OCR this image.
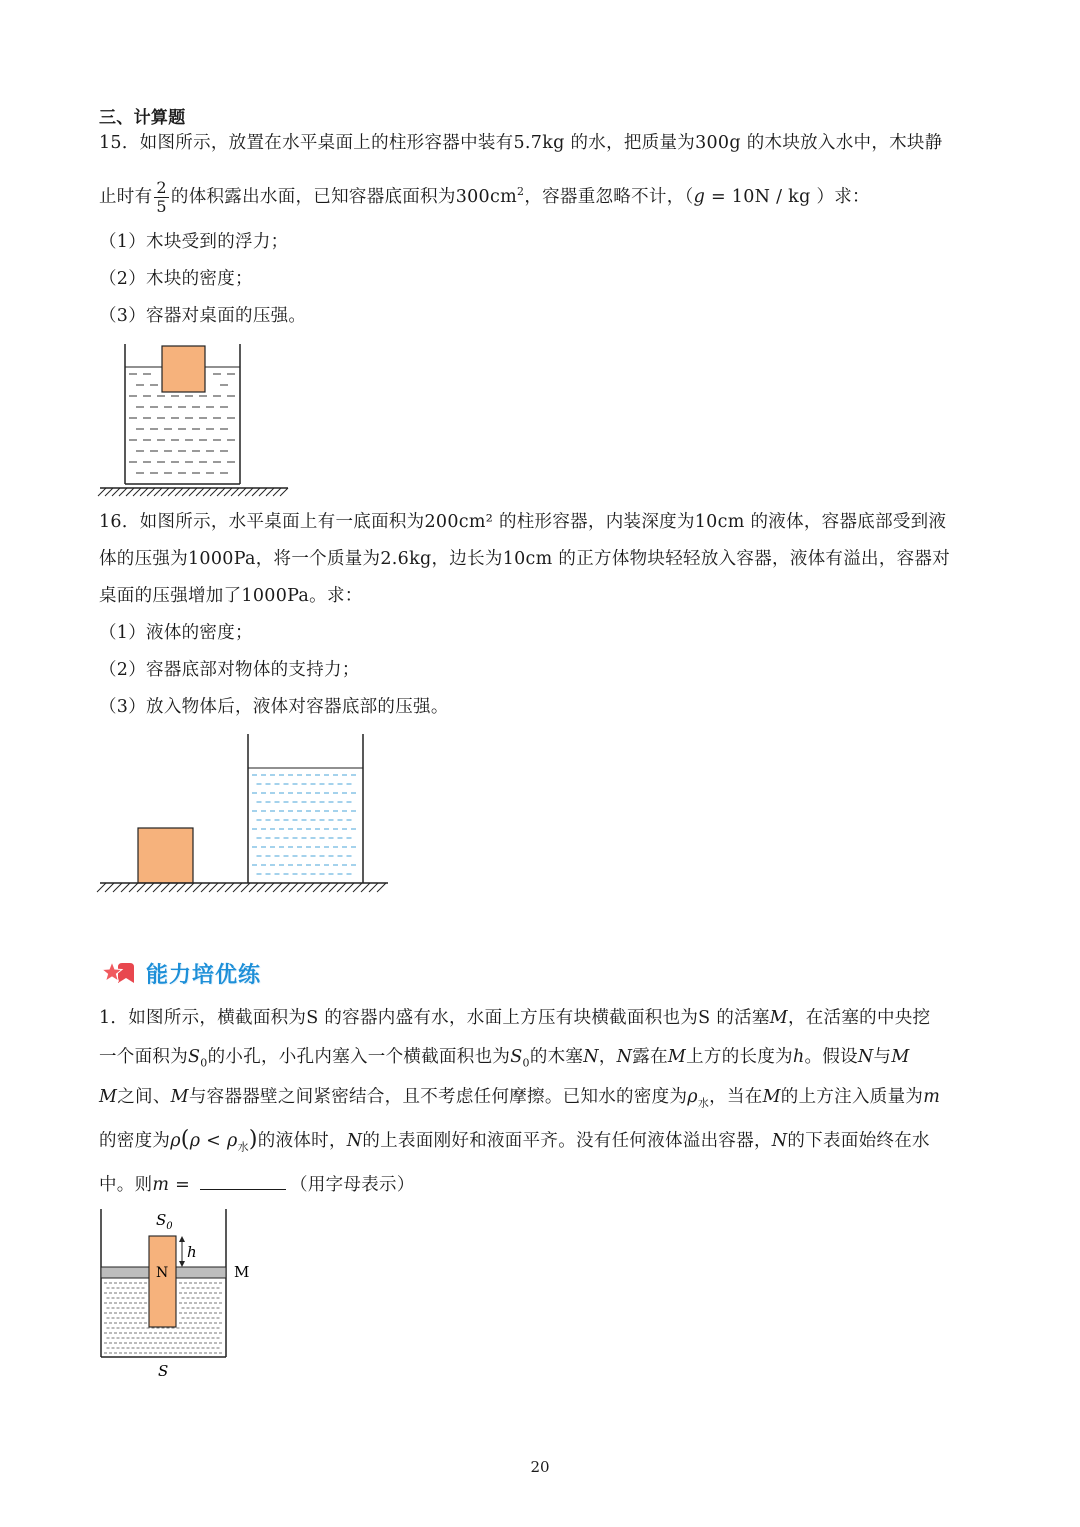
三、计算题
15．如图所示，放置在水平桌面上的柱形容器中装有5.7kg 的水，把质量为300g 的木块放入水中，木块静
止时有 $\frac{2}{5}$ 的体积露出水面，已知容器底面积为$300cm^2$，容器重忽略不计，（g = 10N / kg ）求：
（1）木块受到的浮力；
（2）木块的密度；
（3）容器对桌面的压强。
16．如图所示，水平桌面上有一底面积为200cm² 的柱形容器，内装深度为10cm 的液体，容器底部受到液
体的压强为1000Pa，将一个质量为2.6kg，边长为10cm 的正方体物块轻轻放入容器，液体有溢出，容器对
桌面的压强增加了1000Pa。求：
（1）液体的密度；
（2）容器底部对物体的支持力；
（3）放入物体后，液体对容器底部的压强。
能力培优练
1．如图所示，横截面积为S 的容器内盛有水，水面上方压有块横截面积也为S 的活塞M，在活塞的中央挖
一个面积为$S_0$的小孔，小孔内塞入一个横截面积也为$S_0$的木塞N，N露在M上方的长度为h。假设N与M
M之间、M与容器器壁之间紧密结合，且不考虑任何摩擦。已知水的密度为$\rho_水$，当在M的上方注入质量为m
的密度为$\rho(\rho < \rho_水)$的液体时，N的上表面刚好和液面平齐。没有任何液体溢出容器，N的下表面始终在水
中。则m =	（用字母表示）
$S_0$
h
N	M
S
20
